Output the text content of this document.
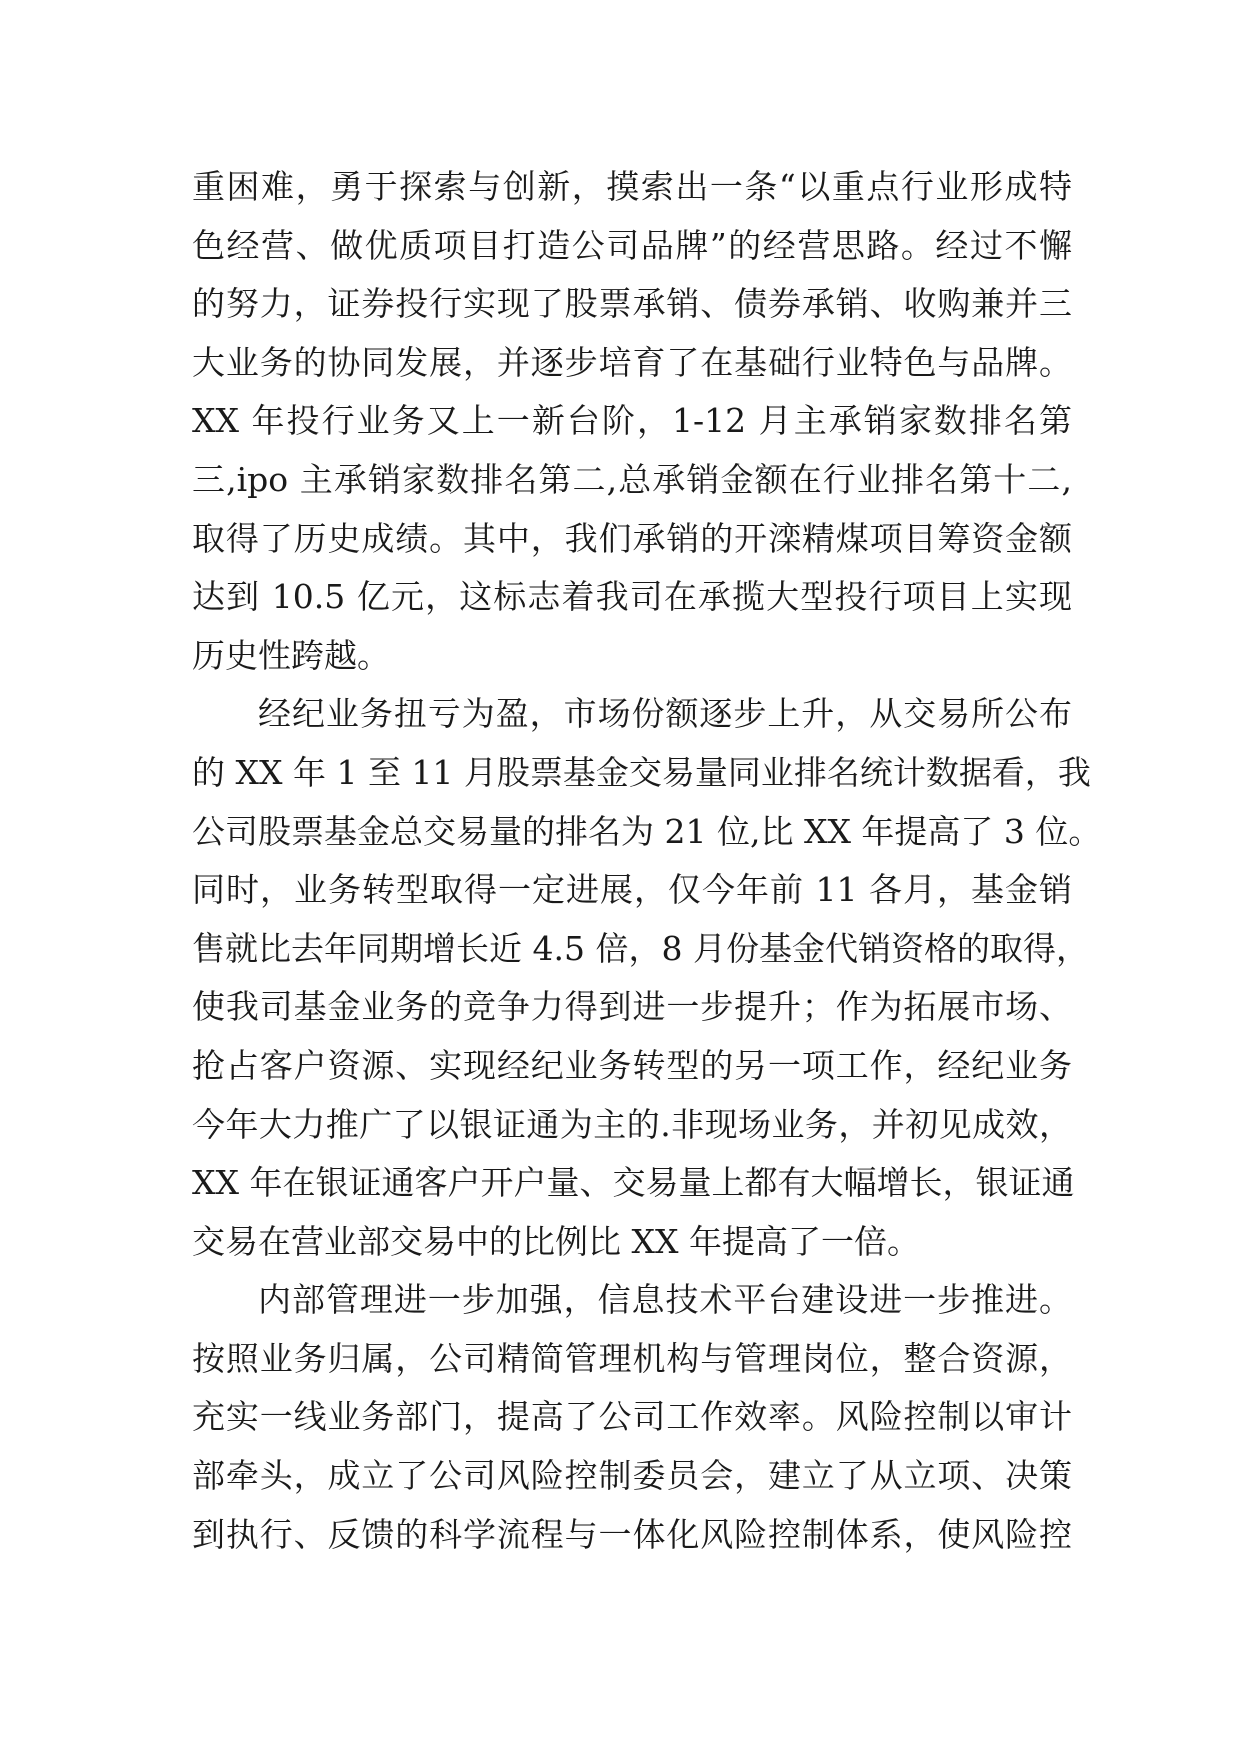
重困难，勇于探索与创新，摸索出一条“以重点行业形成特
色经营、做优质项目打造公司品牌”的经营思路。经过不懈
的努力，证券投行实现了股票承销、债券承销、收购兼并三
大业务的协同发展，并逐步培育了在基础行业特色与品牌。
XX 年投行业务又上一新台阶，1-12 月主承销家数排名第
三,ipo 主承销家数排名第二,总承销金额在行业排名第十二,
取得了历史成绩。其中，我们承销的开滦精煤项目筹资金额
达到 10.5 亿元，这标志着我司在承揽大型投行项目上实现
历史性跨越。
经纪业务扭亏为盈，市场份额逐步上升，从交易所公布
的 XX 年 1 至 11 月股票基金交易量同业排名统计数据看，我
公司股票基金总交易量的排名为 21 位,比 XX 年提高了 3 位。
同时，业务转型取得一定进展，仅今年前 11 各月，基金销
售就比去年同期增长近 4.5 倍，8 月份基金代销资格的取得，
使我司基金业务的竞争力得到进一步提升；作为拓展市场、
抢占客户资源、实现经纪业务转型的另一项工作，经纪业务
今年大力推广了以银证通为主的.非现场业务，并初见成效，
XX 年在银证通客户开户量、交易量上都有大幅增长，银证通
交易在营业部交易中的比例比 XX 年提高了一倍。
内部管理进一步加强，信息技术平台建设进一步推进。
按照业务归属，公司精简管理机构与管理岗位，整合资源，
充实一线业务部门，提高了公司工作效率。风险控制以审计
部牵头，成立了公司风险控制委员会，建立了从立项、决策
到执行、反馈的科学流程与一体化风险控制体系，使风险控
